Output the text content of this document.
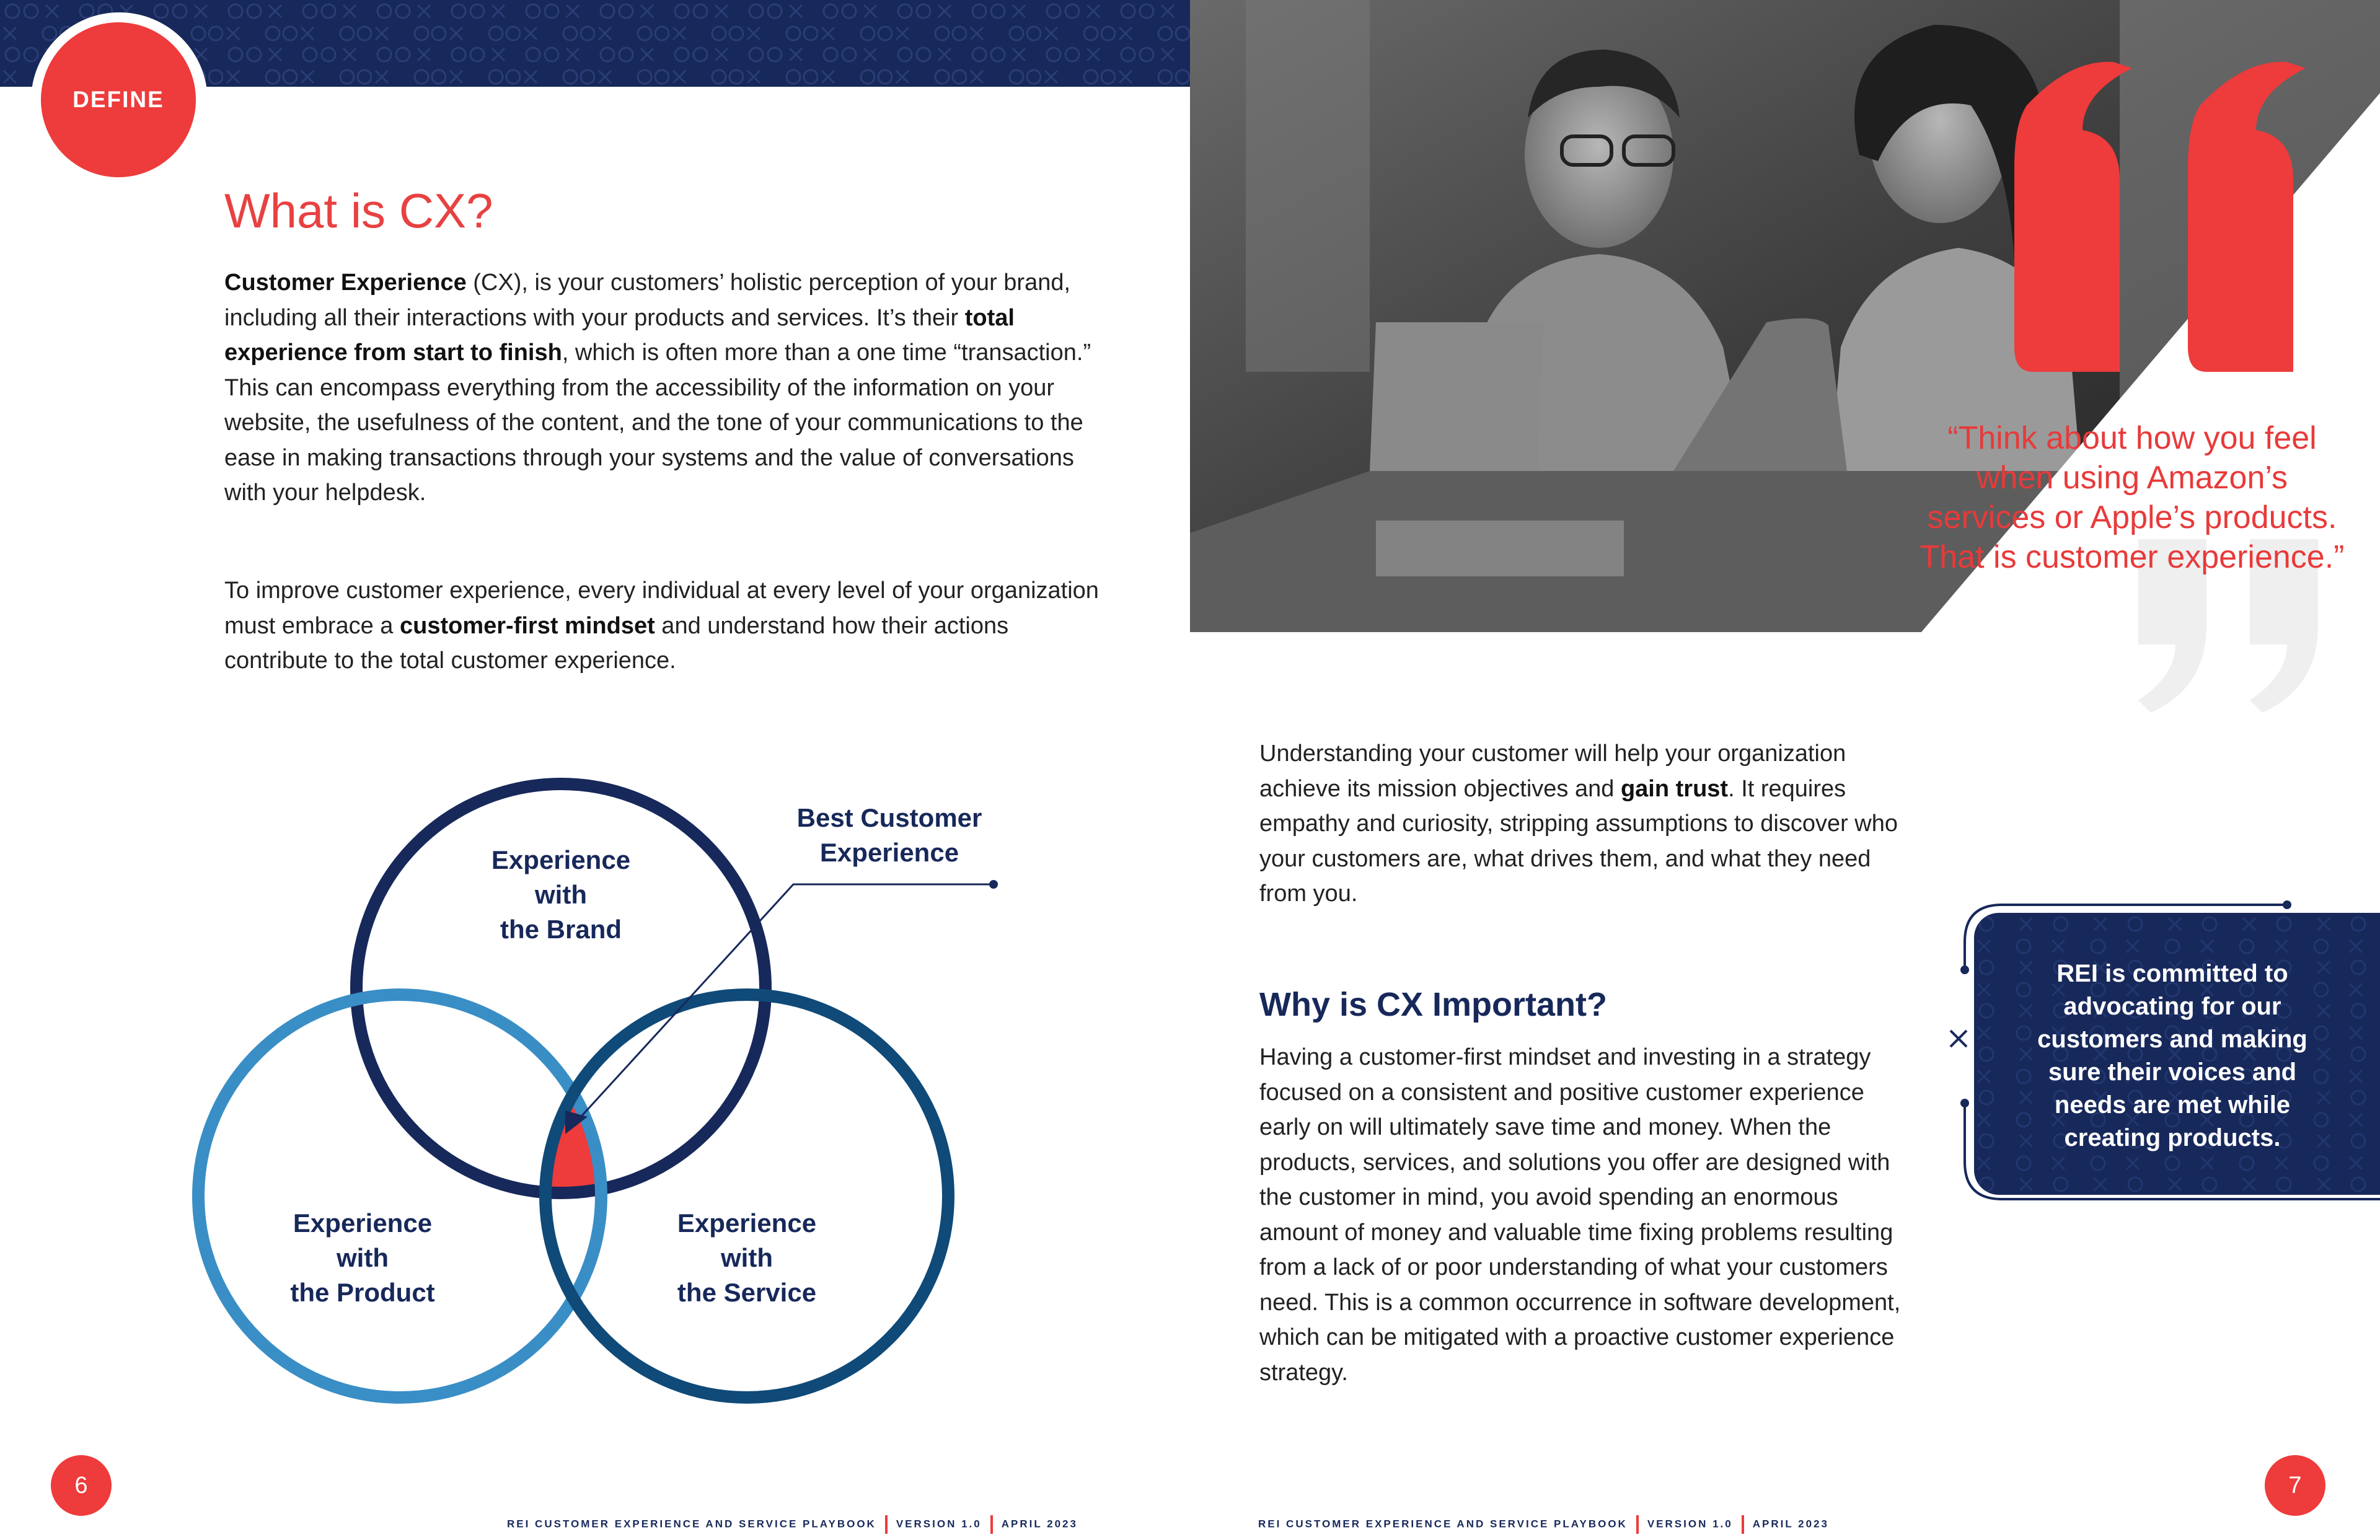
DEFINE
What is CX?
Customer Experience (CX), is your customers’ holistic perception of your brand, including all their interactions with your products and services. It’s their total experience from start to finish, which is often more than a one time “transaction.” This can encompass everything from the accessibility of the information on your website, the usefulness of the content, and the tone of your communications to the ease in making transactions through your systems and the value of conversations with your helpdesk.
To improve customer experience, every individual at every level of your organization must embrace a customer-first mindset and understand how their actions contribute to the total customer experience.
Best Customer
Experience
Experience
with
the Brand
Experience
with
the Product
Experience
with
the Service
6
REI CUSTOMER EXPERIENCE AND SERVICE PLAYBOOK VERSION 1.0 APRIL 2023
“Think about how you feel when using Amazon’s services or Apple’s products. That is customer experience.”
Understanding your customer will help your organization achieve its mission objectives and gain trust. It requires empathy and curiosity, stripping assumptions to discover who your customers are, what drives them, and what they need from you.
Why is CX Important?
Having a customer-first mindset and investing in a strategy focused on a consistent and positive customer experience early on will ultimately save time and money. When the products, services, and solutions you offer are designed with the customer in mind, you avoid spending an enormous amount of money and valuable time fixing problems resulting from a lack of or poor understanding of what your customers need. This is a common occurrence in software development, which can be mitigated with a proactive customer experience strategy.
REI is committed to advocating for our customers and making sure their voices and needs are met while creating products.
REI CUSTOMER EXPERIENCE AND SERVICE PLAYBOOK VERSION 1.0 APRIL 2023
7
